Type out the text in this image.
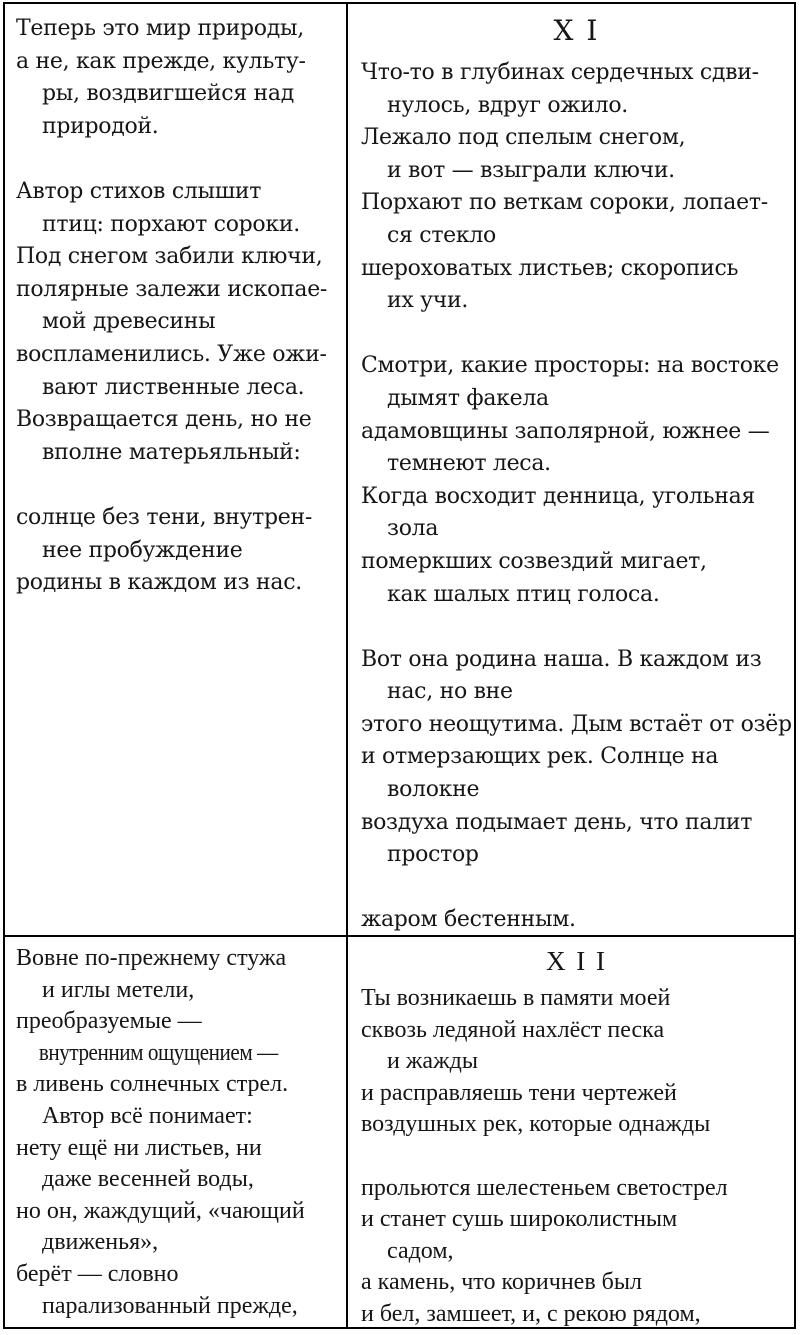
Теперь это мир природы,
а не, как прежде, культу-
ры, воздвигшейся над
природой.

Автор стихов слышит
птиц: порхают сороки.
Под снегом забили ключи,
полярные залежи ископае-
мой древесины
воспламенились. Уже ожи-
вают лиственные леса.
Возвращается день, но не
вполне матерьяльный:

солнце без тени, внутрен-
нее пробуждение
родины в каждом из нас.
X I
Что-то в глубинах сердечных сдви-
нулось, вдруг ожило.
Лежало под спелым снегом,
и вот — взыграли ключи.
Порхают по веткам сороки, лопает-
ся стекло
шероховатых листьев; скоропись
их учи.

Смотри, какие просторы: на востоке
дымят факела
адамовщины заполярной, южнее —
темнеют леса.
Когда восходит денница, угольная
зола
померкших созвездий мигает,
как шалых птиц голоса.

Вот она родина наша. В каждом из
нас, но вне
этого неощутима. Дым встаёт от озёр
и отмерзающих рек. Солнце на
волокне
воздуха подымает день, что палит
простор

жаром бестенным.
Вовне по-прежнему стужа
и иглы метели,
преобразуемые —
внутренним ощущением —
в ливень солнечных стрел.
Автор всё понимает:
нету ещё ни листьев, ни
даже весенней воды,
но он, жаждущий, «чающий
движенья»,
берёт — словно
парализованный прежде,
X I I
Ты возникаешь в памяти моей
сквозь ледяной нахлёст песка
и жажды
и расправляешь тени чертежей
воздушных рек, которые однажды

прольются шелестеньем светострел
и станет сушь широколистным
садом,
а камень, что коричнев был
и бел, замшеет, и, с рекою рядом,
